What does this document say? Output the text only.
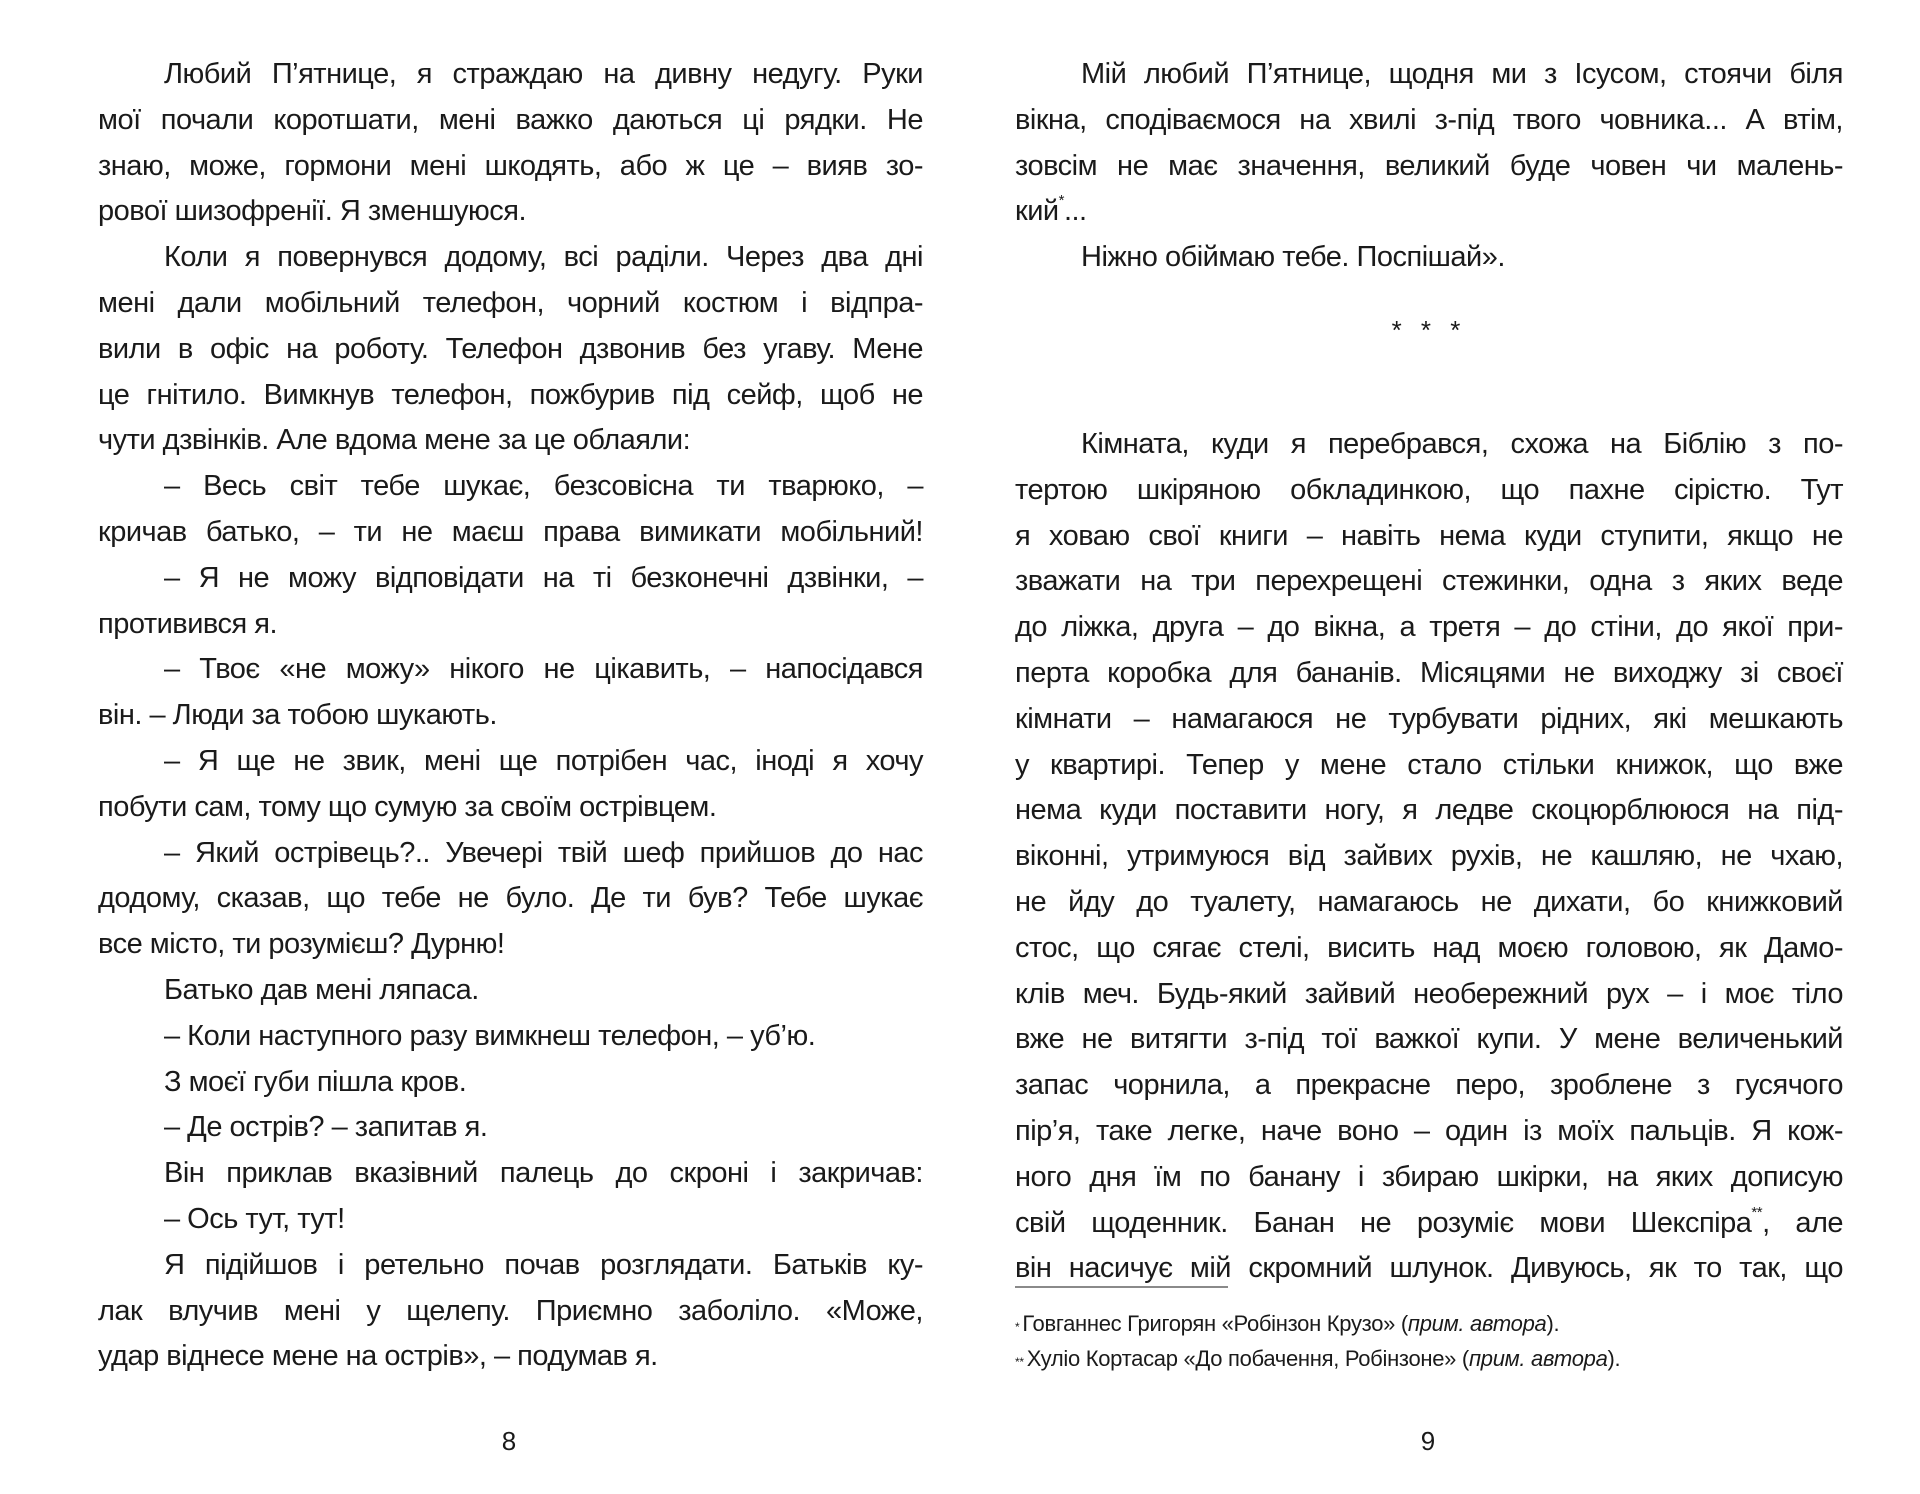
Любий П’ятнице, я страждаю на дивну недугу. Руки
мої почали коротшати, мені важко даються ці рядки. Не
знаю, може, гормони мені шкодять, або ж це – вияв зо-
рової шизофренії. Я зменшуюся.
Коли я повернувся додому, всі раділи. Через два дні
мені дали мобільний телефон, чорний костюм і відпра-
вили в офіс на роботу. Телефон дзвонив без угаву. Мене
це гнітило. Вимкнув телефон, пожбурив під сейф, щоб не
чути дзвінків. Але вдома мене за це облаяли:
– Весь світ тебе шукає, безсовісна ти тварюко, –
кричав батько, – ти не маєш права вимикати мобільний!
– Я не можу відповідати на ті безконечні дзвінки, –
противився я.
– Твоє «не можу» нікого не цікавить, – напосідався
він. – Люди за тобою шукають.
– Я ще не звик, мені ще потрібен час, іноді я хочу
побути сам, тому що сумую за своїм острівцем.
– Який острівець?.. Увечері твій шеф прийшов до нас
додому, сказав, що тебе не було. Де ти був? Тебе шукає
все місто, ти розумієш? Дурню!
Батько дав мені ляпаса.
– Коли наступного разу вимкнеш телефон, – уб’ю.
З моєї губи пішла кров.
– Де острів? – запитав я.
Він приклав вказівний палець до скроні і закричав:
– Ось тут, тут!
Я підійшов і ретельно почав розглядати. Батьків ку-
лак влучив мені у щелепу. Приємно заболіло. «Може,
удар віднесе мене на острів», – подумав я.
8
Мій любий П’ятнице, щодня ми з Ісусом, стоячи біля
вікна, сподіваємося на хвилі з-під твого човника... А втім,
зовсім не має значення, великий буде човен чи малень-
кий*...
Ніжно обіймаю тебе. Поспішай».
* * *
Кімната, куди я перебрався, схожа на Біблію з по-
тертою шкіряною обкладинкою, що пахне сірістю. Тут
я ховаю свої книги – навіть нема куди ступити, якщо не
зважати на три перехрещені стежинки, одна з яких веде
до ліжка, друга – до вікна, а третя – до стіни, до якої при-
перта коробка для бананів. Місяцями не виходжу зі своєї
кімнати – намагаюся не турбувати рідних, які мешкають
у квартирі. Тепер у мене стало стільки книжок, що вже
нема куди поставити ногу, я ледве скоцюрблююся на під-
віконні, утримуюся від зайвих рухів, не кашляю, не чхаю,
не йду до туалету, намагаюсь не дихати, бо книжковий
стос, що сягає стелі, висить над моєю головою, як Дамо-
клів меч. Будь-який зайвий необережний рух – і моє тіло
вже не витягти з-під тої важкої купи. У мене величенький
запас чорнила, а прекрасне перо, зроблене з гусячого
пір’я, таке легке, наче воно – один із моїх пальців. Я кож-
ного дня їм по банану і збираю шкірки, на яких дописую
свій щоденник. Банан не розуміє мови Шекспіра**, але
він насичує мій скромний шлунок. Дивуюсь, як то так, що
* Говганнес Григорян «Робінзон Крузо» (прим. автора).
** Хуліо Кортасар «До побачення, Робінзоне» (прим. автора).
9
